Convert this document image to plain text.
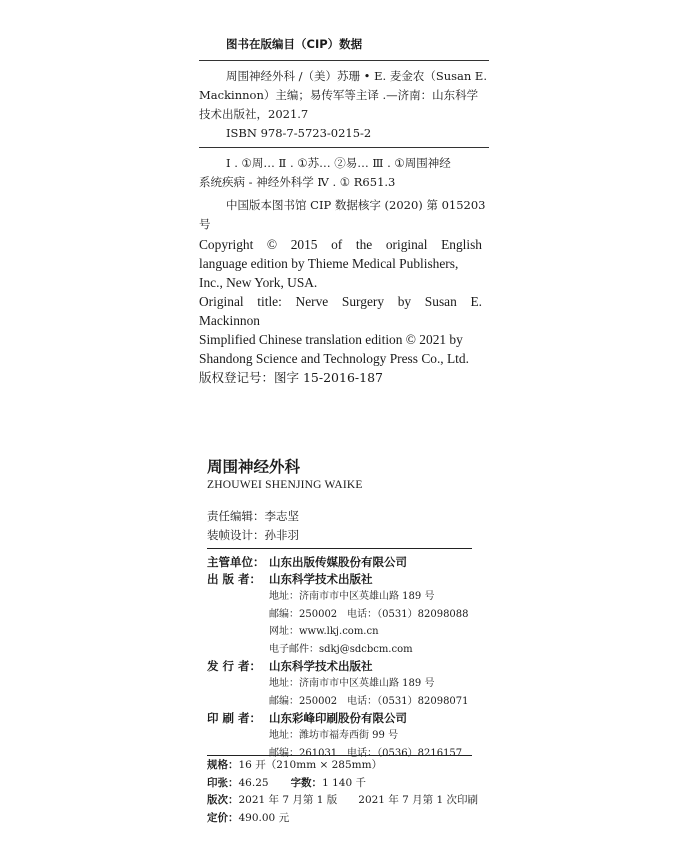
图书在版编目（CIP）数据
周围神经外科 /（美）苏珊 • E. 麦金农（Susan E.
Mackinnon）主编；易传军等主译 .—济南：山东科学
技术出版社，2021.7
ISBN 978-7-5723-0215-2
Ⅰ . ①周… Ⅱ . ①苏… ②易… Ⅲ . ①周围神经
系统疾病 - 神经外科学 Ⅳ . ① R651.3
中国版本图书馆 CIP 数据核字 (2020) 第 015203 号
Copyright © 2015 of the original English
language edition by Thieme Medical Publishers,
Inc., New York, USA.
Original title: Nerve Surgery by Susan E.
Mackinnon
Simplified Chinese translation edition © 2021 by
Shandong Science and Technology Press Co., Ltd.
版权登记号：图字 15-2016-187
周围神经外科
ZHOUWEI SHENJING WAIKE
责任编辑：李志坚
装帧设计：孙非羽
主管单位： 山东出版传媒股份有限公司
出 版 者： 山东科学技术出版社
地址：济南市市中区英雄山路 189 号
邮编：250002　电话：（0531）82098088
网址：www.lkj.com.cn
电子邮件：sdkj@sdcbcm.com
发 行 者： 山东科学技术出版社
地址：济南市市中区英雄山路 189 号
邮编：250002　电话：（0531）82098071
印 刷 者： 山东彩峰印刷股份有限公司
地址：潍坊市福寿西街 99 号
邮编：261031　电话：（0536）8216157
规格：16 开（210mm × 285mm）
印张：46.25 字数：1 140 千
版次：2021 年 7 月第 1 版　　2021 年 7 月第 1 次印刷
定价：490.00 元
